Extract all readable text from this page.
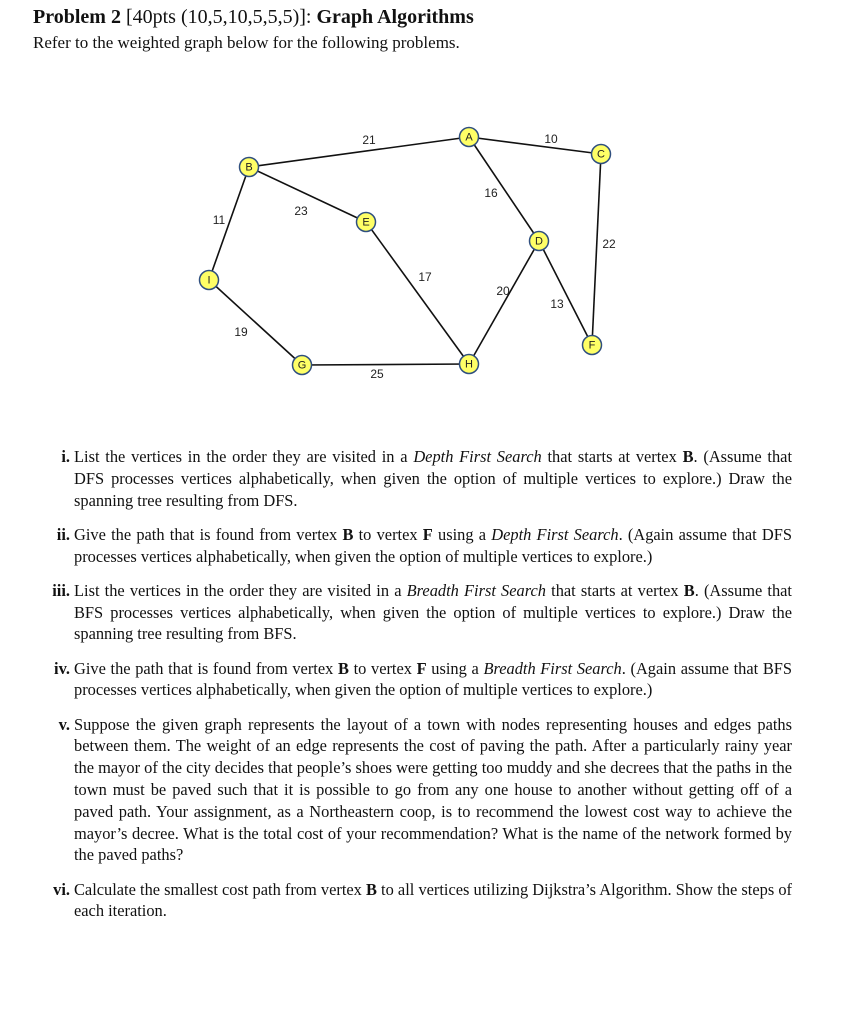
Problem 2 [40pts (10,5,10,5,5,5)]: Graph Algorithms
Refer to the weighted graph below for the following problems.
21	10
16
23
11
22
17
20
13
19
25
A
B
C
D
E
F
G	H
I
i. List the vertices in the order they are visited in a Depth First Search that starts at vertex B. (Assume that DFS processes vertices alphabetically, when given the option of multiple vertices to explore.) Draw the spanning tree resulting from DFS.
ii. Give the path that is found from vertex B to vertex F using a Depth First Search. (Again assume that DFS processes vertices alphabetically, when given the option of multiple vertices to explore.)
iii. List the vertices in the order they are visited in a Breadth First Search that starts at vertex B. (Assume that BFS processes vertices alphabetically, when given the option of multiple vertices to explore.) Draw the spanning tree resulting from BFS.
iv. Give the path that is found from vertex B to vertex F using a Breadth First Search. (Again assume that BFS processes vertices alphabetically, when given the option of multiple vertices to explore.)
v. Suppose the given graph represents the layout of a town with nodes representing houses and edges paths between them. The weight of an edge represents the cost of paving the path. After a particularly rainy year the mayor of the city decides that people’s shoes were getting too muddy and she decrees that the paths in the town must be paved such that it is possible to go from any one house to another without getting off of a paved path. Your assignment, as a Northeastern coop, is to recommend the lowest cost way to achieve the mayor’s decree. What is the total cost of your recommendation? What is the name of the network formed by the paved paths?
vi. Calculate the smallest cost path from vertex B to all vertices utilizing Dijkstra’s Algorithm. Show the steps of each iteration.
